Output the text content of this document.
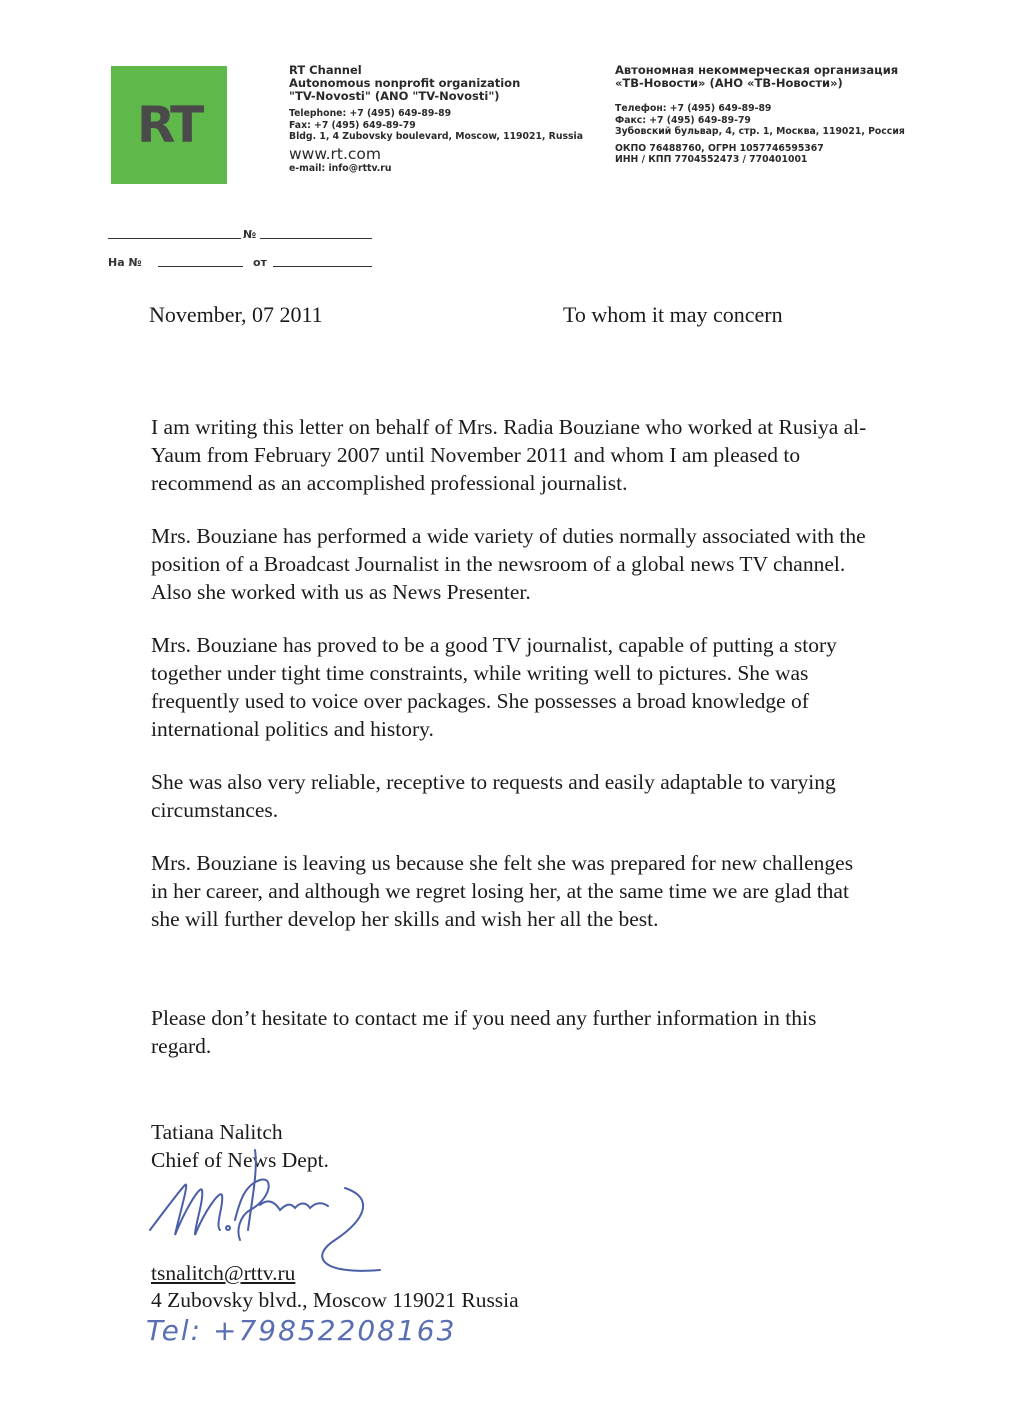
RT
RT Channel
Autonomous nonprofit organization
"TV-Novosti" (ANO "TV-Novosti")
Telephone: +7 (495) 649-89-89
Fax: +7 (495) 649-89-79
Bldg. 1, 4 Zubovsky boulevard, Moscow, 119021, Russia
www.rt.com
e-mail: info@rttv.ru
Автономная некоммерческая организация
«ТВ-Новости» (АНО «ТВ-Новости»)
Телефон: +7 (495) 649-89-89
Факс: +7 (495) 649-89-79
Зубовский бульвар, 4, стр. 1, Москва, 119021, Россия
ОКПО 76488760, ОГРН 1057746595367
ИНН / КПП 7704552473 / 770401001
№
На №	от
November, 07 2011	To whom it may concern

I am writing this letter on behalf of Mrs. Radia Bouziane who worked at Rusiya al-
Yaum from February 2007 until November 2011 and whom I am pleased to
recommend as an accomplished professional journalist.

Mrs. Bouziane has performed a wide variety of duties normally associated with the
position of a Broadcast Journalist in the newsroom of a global news TV channel.
Also she worked with us as News Presenter.

Mrs. Bouziane has proved to be a good TV journalist, capable of putting a story
together under tight time constraints, while writing well to pictures. She was
frequently used to voice over packages. She possesses a broad knowledge of
international politics and history.

She was also very reliable, receptive to requests and easily adaptable to varying
circumstances.

Mrs. Bouziane is leaving us because she felt she was prepared for new challenges
in her career, and although we regret losing her, at the same time we are glad that
she will further develop her skills and wish her all the best.

Please don’t hesitate to contact me if you need any further information in this
regard.

Tatiana Nalitch
Chief of News Dept.
tsnalitch@rttv.ru
4 Zubovsky blvd., Moscow 119021 Russia
Tel: +79852208163
